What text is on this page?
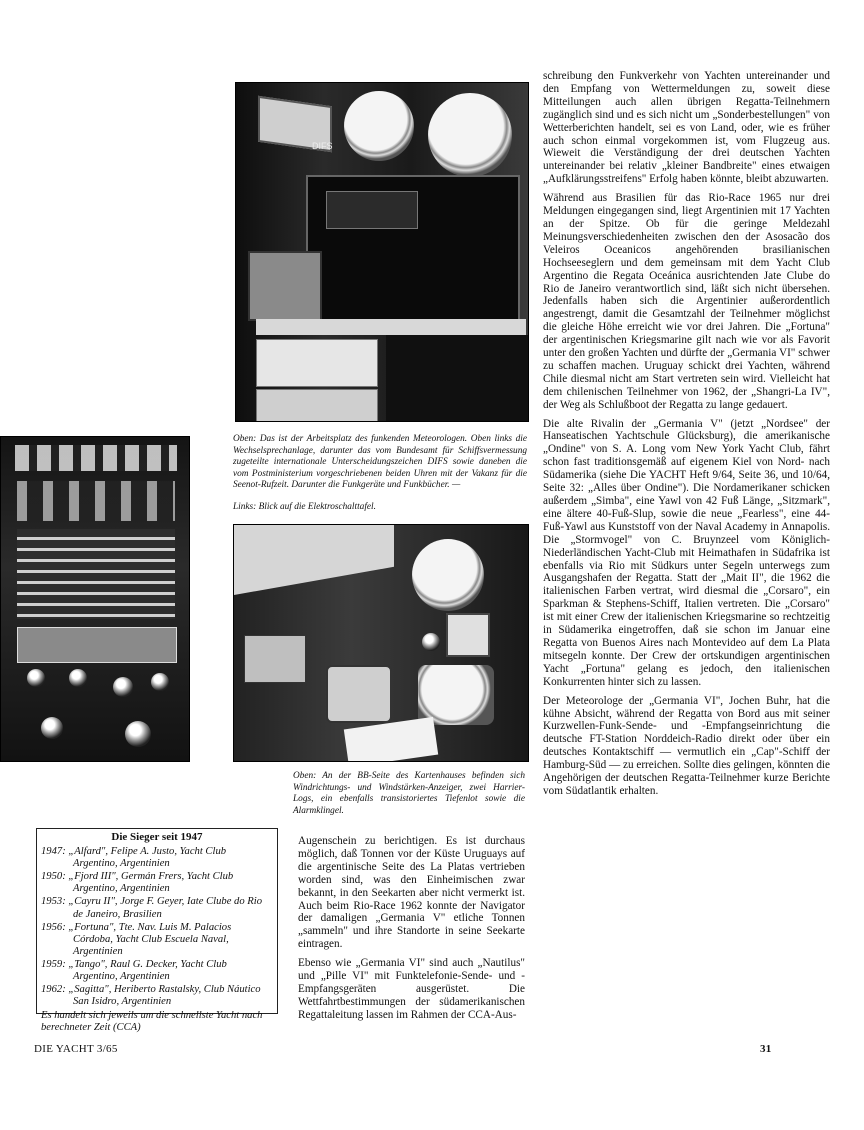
DIFS

Oben: Das ist der Arbeitsplatz des funkenden Meteorologen. Oben links die Wechselsprechanlage, darunter das vom Bundesamt für Schiffsvermessung zugeteilte internationale Unterscheidungszeichen DIFS sowie daneben die vom Postministerium vorgeschriebenen beiden Uhren mit der Vakanz für die Seenot-Rufzeit. Darunter die Funkgeräte und Funkbücher. —

Links: Blick auf die Elektroschalttafel.

Oben: An der BB-Seite des Kartenhauses befinden sich Windrichtungs- und Windstärken-Anzeiger, zwei Harrier-Logs, ein ebenfalls transistoriertes Tiefenlot sowie die Alarmklingel.

Die Sieger seit 1947

1947: „Alfard", Felipe A. Justo, Yacht Club Argentino, Argentinien

1950: „Fjord III", Germán Frers, Yacht Club Argentino, Argentinien

1953: „Cayru II", Jorge F. Geyer, Iate Clube do Rio de Janeiro, Brasilien

1956: „Fortuna", Tte. Nav. Luis M. Palacios Córdoba, Yacht Club Escuela Naval, Argentinien

1959: „Tango", Raul G. Decker, Yacht Club Argentino, Argentinien

1962: „Sagitta", Heriberto Rastalsky, Club Náutico San Isidro, Argentinien

Es handelt sich jeweils um die schnellste Yacht nach berechneter Zeit (CCA)

Augenschein zu berichtigen. Es ist durchaus möglich, daß Tonnen vor der Küste Uruguays auf die argentinische Seite des La Platas vertrieben worden sind, was den Einheimischen zwar bekannt, in den Seekarten aber nicht vermerkt ist. Auch beim Rio-Race 1962 konnte der Navigator der damaligen „Germania V" etliche Tonnen „sammeln" und ihre Standorte in seine Seekarte eintragen.

Ebenso wie „Germania VI" sind auch „Nautilus" und „Pille VI" mit Funktelefonie-Sende- und -Empfangsgeräten ausgerüstet. Die Wettfahrtbestimmungen der südamerikanischen Regattaleitung lassen im Rahmen der CCA-Aus-

schreibung den Funkverkehr von Yachten untereinander und den Empfang von Wettermeldungen zu, soweit diese Mitteilungen auch allen übrigen Regatta-Teilnehmern zugänglich sind und es sich nicht um „Sonderbestellungen" von Wetterberichten handelt, sei es von Land, oder, wie es früher auch schon einmal vorgekommen ist, vom Flugzeug aus. Wieweit die Verständigung der drei deutschen Yachten untereinander bei relativ „kleiner Bandbreite" eines etwaigen „Aufklärungsstreifens" Erfolg haben könnte, bleibt abzuwarten.

Während aus Brasilien für das Rio-Race 1965 nur drei Meldungen eingegangen sind, liegt Argentinien mit 17 Yachten an der Spitze. Ob für die geringe Meldezahl Meinungsverschiedenheiten zwischen den der Asosacão dos Veleiros Oceanicos angehörenden brasilianischen Hochseeseglern und dem gemeinsam mit dem Yacht Club Argentino die Regata Oceánica ausrichtenden Jate Clube do Rio de Janeiro verantwortlich sind, läßt sich nicht übersehen. Jedenfalls haben sich die Argentinier außerordentlich angestrengt, damit die Gesamtzahl der Teilnehmer möglichst die gleiche Höhe erreicht wie vor drei Jahren. Die „Fortuna" der argentinischen Kriegsmarine gilt nach wie vor als Favorit unter den großen Yachten und dürfte der „Germania VI" schwer zu schaffen machen. Uruguay schickt drei Yachten, während Chile diesmal nicht am Start vertreten sein wird. Vielleicht hat dem chilenischen Teilnehmer von 1962, der „Shangri-La IV", der Weg als Schlußboot der Regatta zu lange gedauert.

Die alte Rivalin der „Germania V" (jetzt „Nordsee" der Hanseatischen Yachtschule Glücksburg), die amerikanische „Ondine" von S. A. Long vom New York Yacht Club, fährt schon fast traditionsgemäß auf eigenem Kiel von Nord- nach Südamerika (siehe Die YACHT Heft 9/64, Seite 36, und 10/64, Seite 32: „Alles über Ondine"). Die Nordamerikaner schicken außerdem „Simba", eine Yawl von 42 Fuß Länge, „Sitzmark", eine ältere 40-Fuß-Slup, sowie die neue „Fearless", eine 44-Fuß-Yawl aus Kunststoff von der Naval Academy in Annapolis. Die „Stormvogel" von C. Bruynzeel vom Königlich-Niederländischen Yacht-Club mit Heimathafen in Südafrika ist ebenfalls via Rio mit Südkurs unter Segeln unterwegs zum Ausgangshafen der Regatta. Statt der „Mait II", die 1962 die italienischen Farben vertrat, wird diesmal die „Corsaro", ein Sparkman & Stephens-Schiff, Italien vertreten. Die „Corsaro" ist mit einer Crew der italienischen Kriegsmarine so rechtzeitig in Südamerika eingetroffen, daß sie schon im Januar eine Regatta von Buenos Aires nach Montevideo auf dem La Plata mitsegeln konnte. Der Crew der ortskundigen argentinischen Yacht „Fortuna" gelang es jedoch, den italienischen Konkurrenten hinter sich zu lassen.

Der Meteorologe der „Germania VI", Jochen Buhr, hat die kühne Absicht, während der Regatta von Bord aus mit seiner Kurzwellen-Funk-Sende- und -Empfangseinrichtung die deutsche FT-Station Norddeich-Radio direkt oder über ein deutsches Kontaktschiff — vermutlich ein „Cap"-Schiff der Hamburg-Süd — zu erreichen. Sollte dies gelingen, könnten die Angehörigen der deutschen Regatta-Teilnehmer kurze Berichte vom Südatlantik erhalten.

DIE YACHT 3/65	31
